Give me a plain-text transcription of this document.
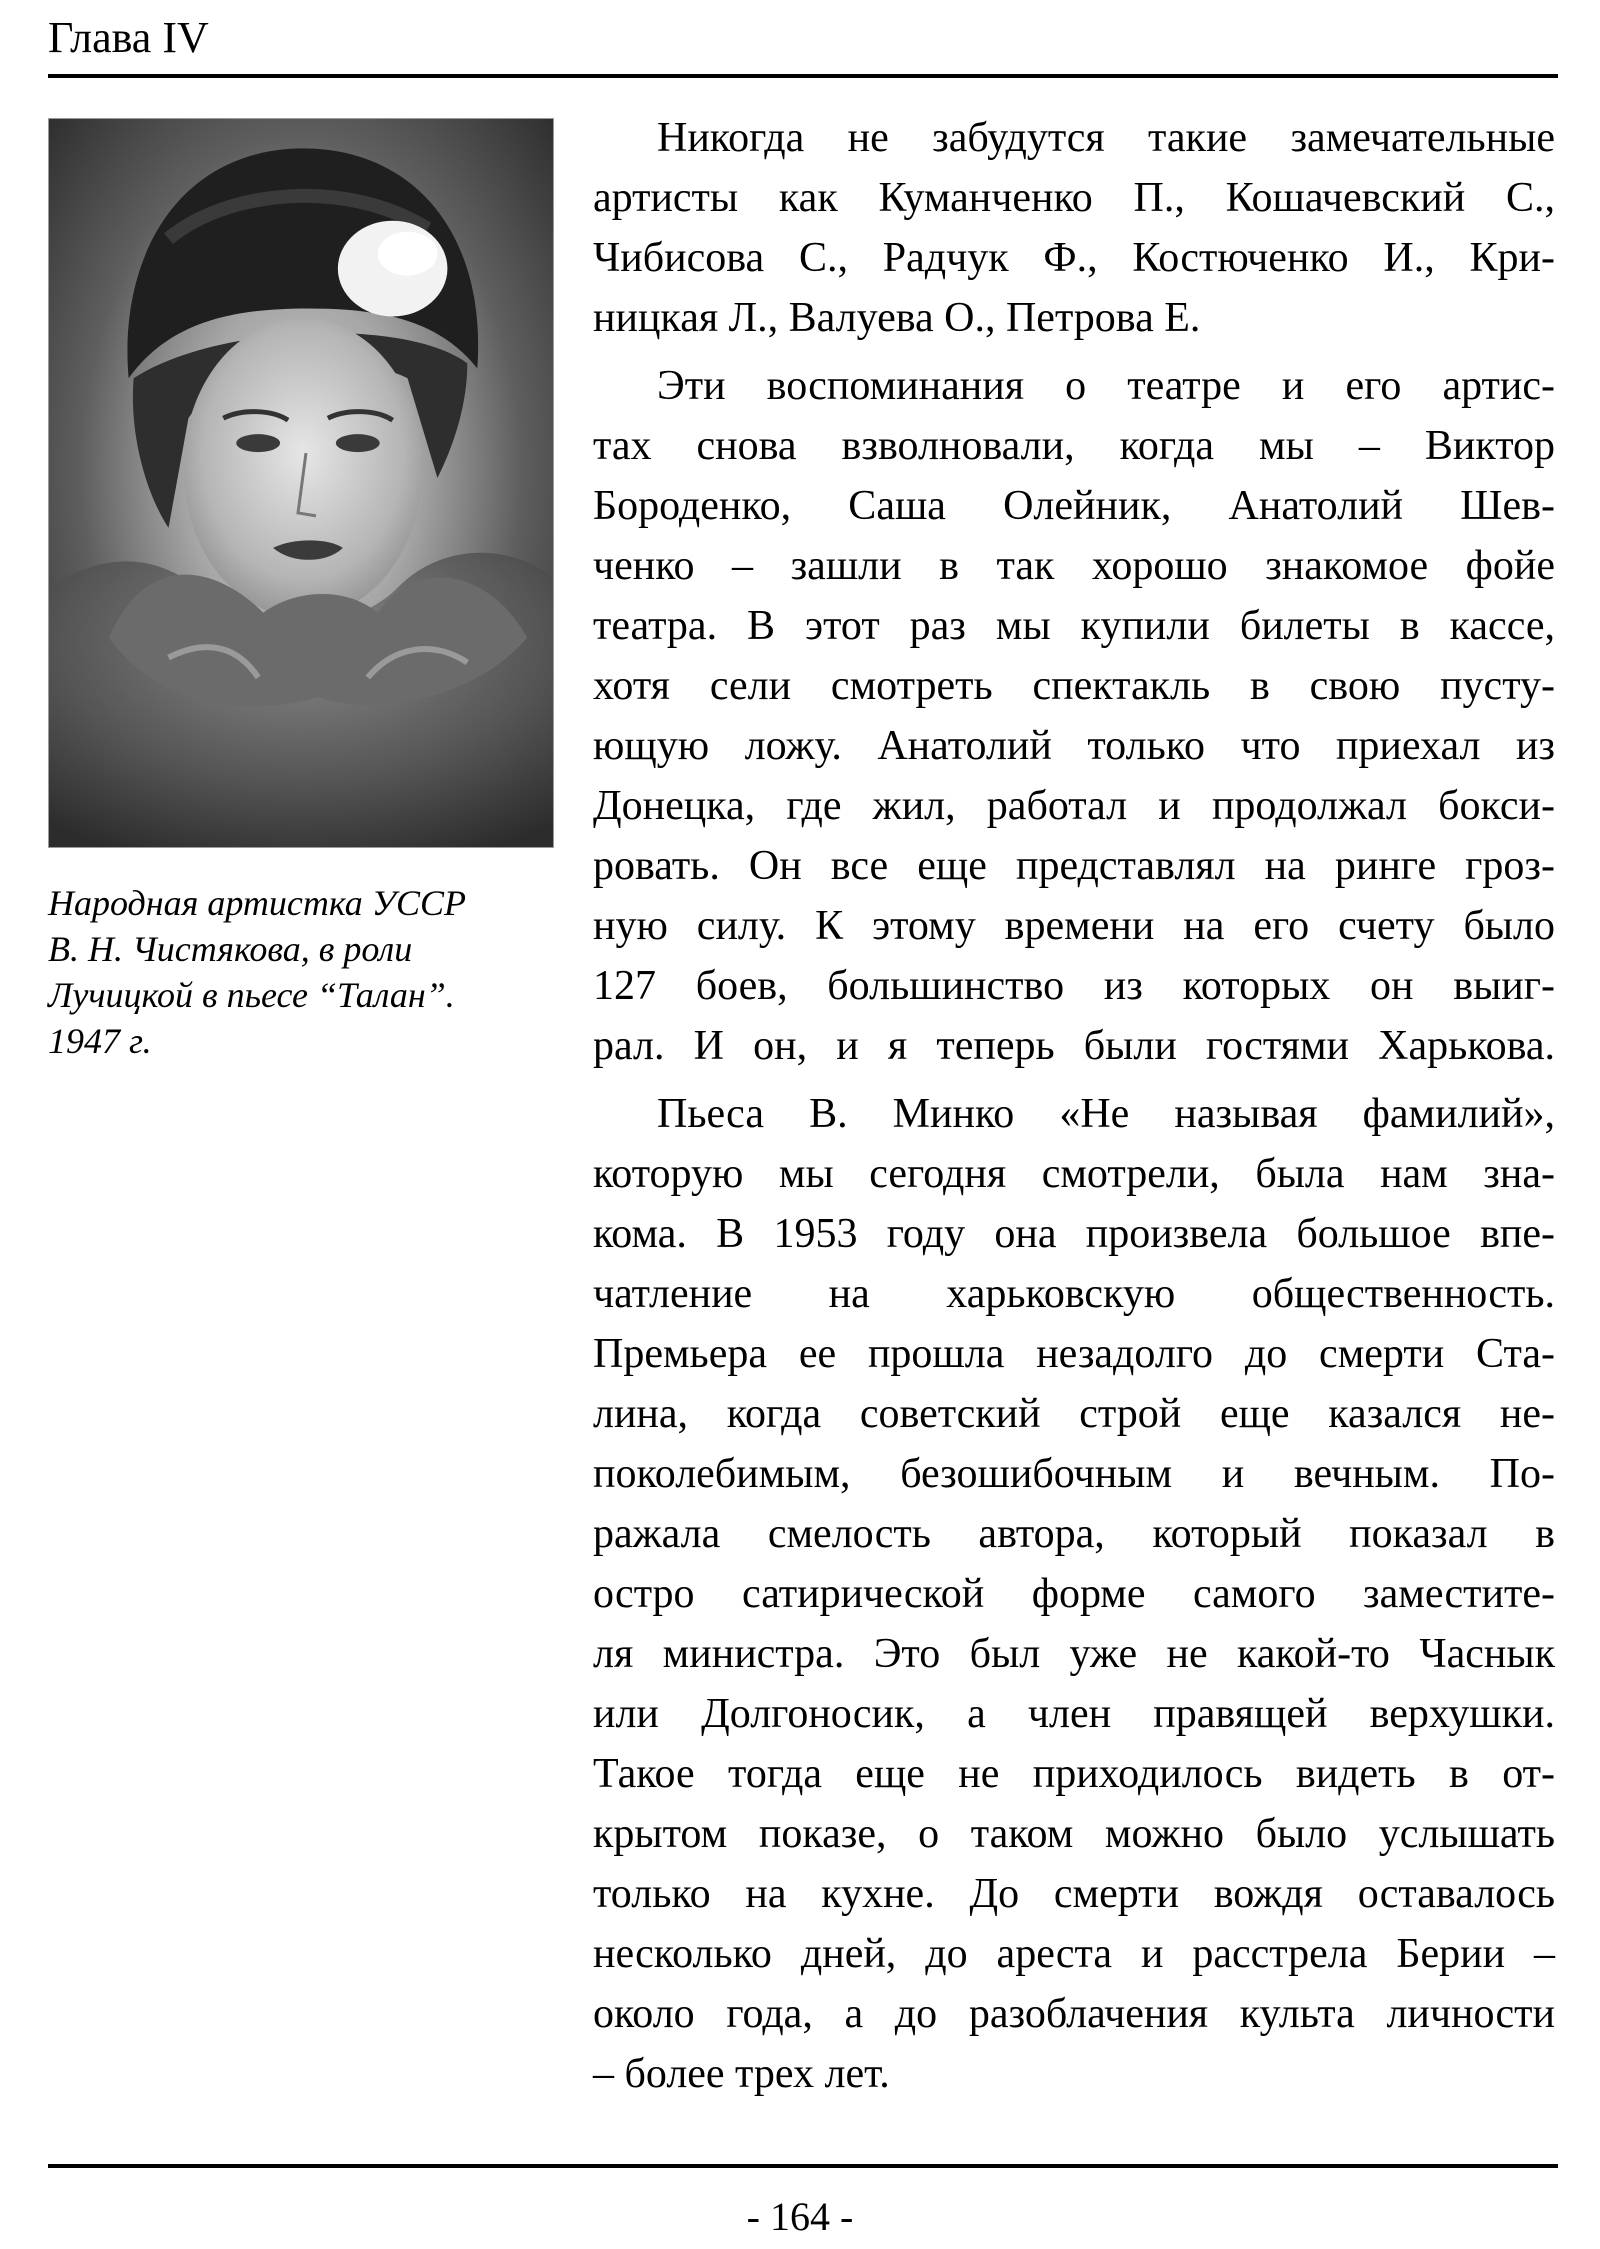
Глава IV
Народная артистка УССР
В. Н. Чистякова, в роли
Лучицкой в пьесе “Талан”.
1947 г.
Никогда не забудутся такие замечательные
артисты как Куманченко П., Кошачевский С.,
Чибисова С., Радчук Ф., Костюченко И., Кри-
ницкая Л., Валуева О., Петрова Е.
Эти воспоминания о театре и его артис-
тах снова взволновали, когда мы – Виктор
Бороденко, Саша Олейник, Анатолий Шев-
ченко – зашли в так хорошо знакомое фойе
театра. В этот раз мы купили билеты в кассе,
хотя сели смотреть спектакль в свою пусту-
ющую ложу. Анатолий только что приехал из
Донецка, где жил, работал и продолжал бокси-
ровать. Он все еще представлял на ринге гроз-
ную силу. К этому времени на его счету было
127 боев, большинство из которых он выиг-
рал. И он, и я теперь были гостями Харькова.
Пьеса В. Минко «Не называя фамилий»,
которую мы сегодня смотрели, была нам зна-
кома. В 1953 году она произвела большое впе-
чатление на харьковскую общественность.
Премьера ее прошла незадолго до смерти Ста-
лина, когда советский строй еще казался не-
поколебимым, безошибочным и вечным. По-
ражала смелость автора, который показал в
остро сатирической форме самого заместите-
ля министра. Это был уже не какой-то Часнык
или Долгоносик, а член правящей верхушки.
Такое тогда еще не приходилось видеть в от-
крытом показе, о таком можно было услышать
только на кухне. До смерти вождя оставалось
несколько дней, до ареста и расстрела Берии –
около года, а до разоблачения культа личности
– более трех лет.
- 164 -
